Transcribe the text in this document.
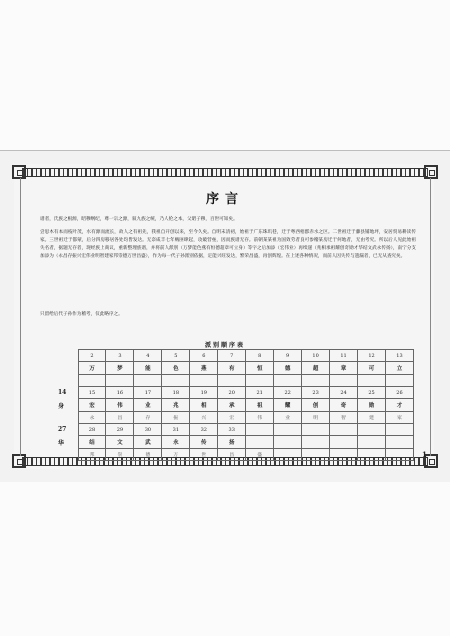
序言
谱者，氏族之根源，昭穆纲纪，尊一宗之源，叙九族之统，乃人伦之本，父昭子穆，百世可知矣。
尝思木有本而枝叶茂，水有源而流长，故人之有祖先，我祖自开创以来，至今久矣。自明末清初，始祖于广东珠玑巷，迁于粤西梧郡赤水之区。二世祖迁于藤县铺地坪，安居贸易耕读传家。三世祖迁于都蒙，后分四房移居各处均皆发达。无奈咸丰七年贼匪肆起，攻破营垒，因而族谱无存。前朝某某祖为国效劳者良可参稽某房迁于何地者，无由考究。所以后人见此始祖失名者，据题无存者，现经族上商议，重新整理族谱，并将前人派别（万梦能色燕有恒德超章可立身）等字之后加添（宏伟业）再续递（兆相承祖耀创奇勋才华结文武永传扬），南宁分支加添为（永昌存振兴宏伟业明智建家邦崇德万世昌盛），作为每一代子孙派别依据，定能兴旺发达，繁荣昌盛，再创辉煌。在上述各种情况，而前人因失传与遗漏者，已无从查究矣。
只留给后代子孙作为稽考，仅此略序之。
派别顺序表
	2	3	4	5	6	7	8	9	10	11	12	13
	万	梦	能	色	燕	有	恒	德	超	章	可	立

14	15	16	17	18	19	20	21	22	23	24	25	26
身	宏	伟	业	兆	相	承	祖	耀	创	奇	勋	才
	永	昌	存	振	兴	宏	伟	业	明	智	建	家
27	28	29	30	31	32	33						
华	结	文	武	永	传	扬						
	邦	崇	德	万	世	昌	盛						1
